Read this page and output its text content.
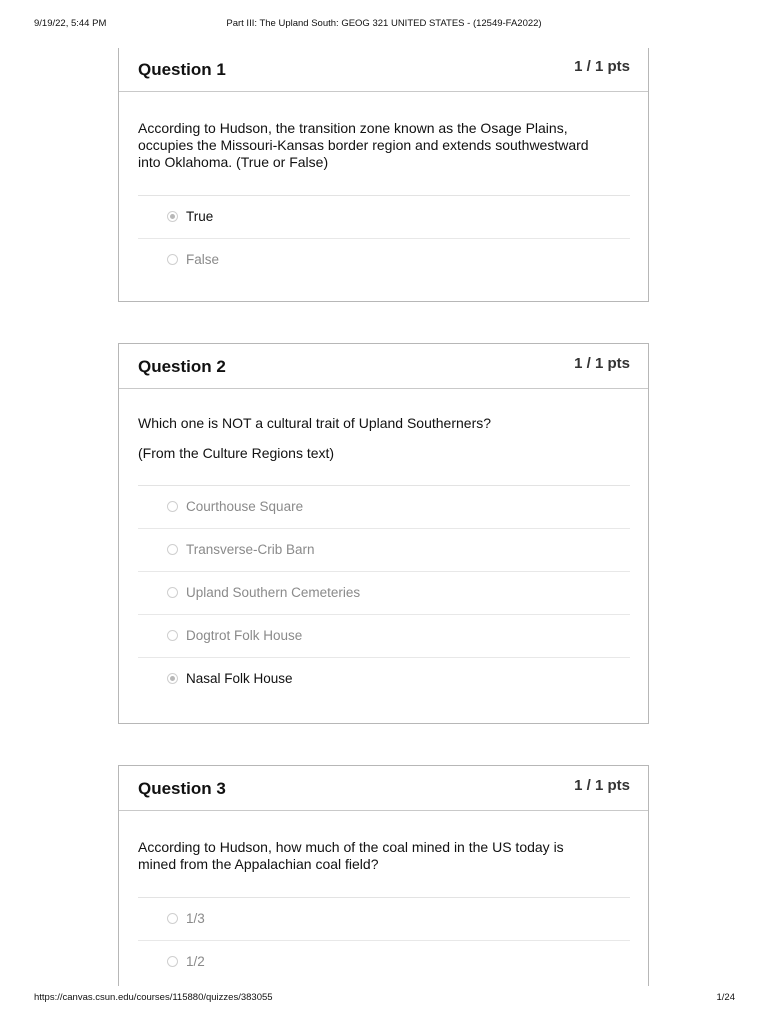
9/19/22, 5:44 PM	Part III: The Upland South: GEOG 321 UNITED STATES - (12549-FA2022)
Question 1	1 / 1 pts

According to Hudson, the transition zone known as the Osage Plains,
occupies the Missouri-Kansas border region and extends southwestward
into Oklahoma. (True or False)

True
False
Question 2	1 / 1 pts

Which one is NOT a cultural trait of Upland Southerners?

(From the Culture Regions text)

Courthouse Square
Transverse-Crib Barn
Upland Southern Cemeteries
Dogtrot Folk House
Nasal Folk House
Question 3	1 / 1 pts

According to Hudson, how much of the coal mined in the US today is
mined from the Appalachian coal field?

1/3
1/2
https://canvas.csun.edu/courses/115880/quizzes/383055	1/24
